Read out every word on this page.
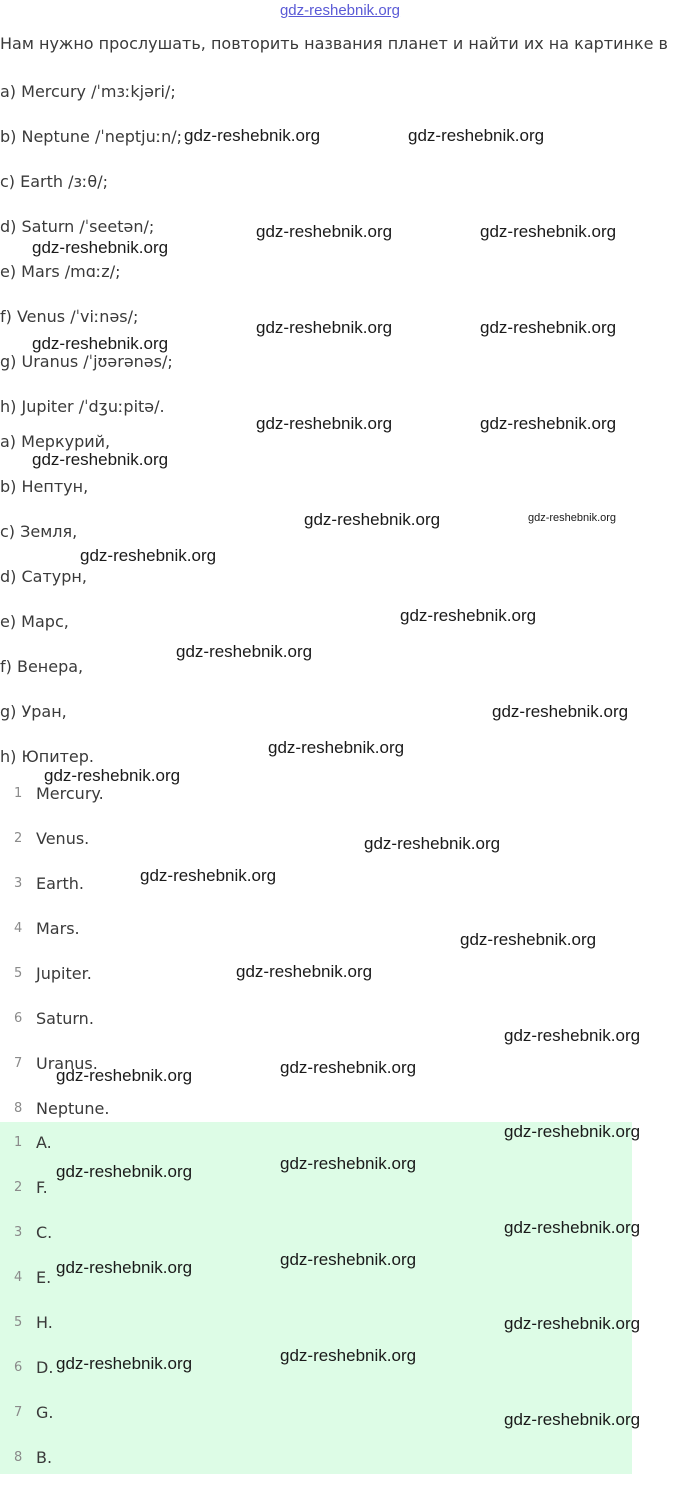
gdz-reshebnik.org
Нам нужно прослушать, повторить названия планет и найти их на картинке в
a) Mercury /ˈmɜːkjəri/;
b) Neptune /ˈneptjuːn/;
c) Earth /ɜːθ/;
d) Saturn /ˈseetən/;
e) Mars /mɑːz/;
f) Venus /ˈviːnəs/;
g) Uranus /ˈjʊərənəs/;
h) Jupiter /ˈdʒuːpitə/.
a) Меркурий,
b) Нептун,
c) Земля,
d) Сатурн,
e) Марс,
f) Венера,
g) Уран,
h) Юпитер.
1 Mercury.
2 Venus.
3 Earth.
4 Mars.
5 Jupiter.
6 Saturn.
7 Uranus.
8 Neptune.
1 A.
2 F.
3 C.
4 E.
5 H.
6 D.
7 G.
8 B.
gdz-reshebnik.org	gdz-reshebnik.org
gdz-reshebnik.org	gdz-reshebnik.org
gdz-reshebnik.org
gdz-reshebnik.org	gdz-reshebnik.org
gdz-reshebnik.org
gdz-reshebnik.org	gdz-reshebnik.org
gdz-reshebnik.org
gdz-reshebnik.org	gdz-reshebnik.org
gdz-reshebnik.org
gdz-reshebnik.org
gdz-reshebnik.org
gdz-reshebnik.org
gdz-reshebnik.org
gdz-reshebnik.org
gdz-reshebnik.org
gdz-reshebnik.org
gdz-reshebnik.org
gdz-reshebnik.org
gdz-reshebnik.org
gdz-reshebnik.org
gdz-reshebnik.org
gdz-reshebnik.org
gdz-reshebnik.org
gdz-reshebnik.org
gdz-reshebnik.org
gdz-reshebnik.org
gdz-reshebnik.org
gdz-reshebnik.org
gdz-reshebnik.org
gdz-reshebnik.org
gdz-reshebnik.org
